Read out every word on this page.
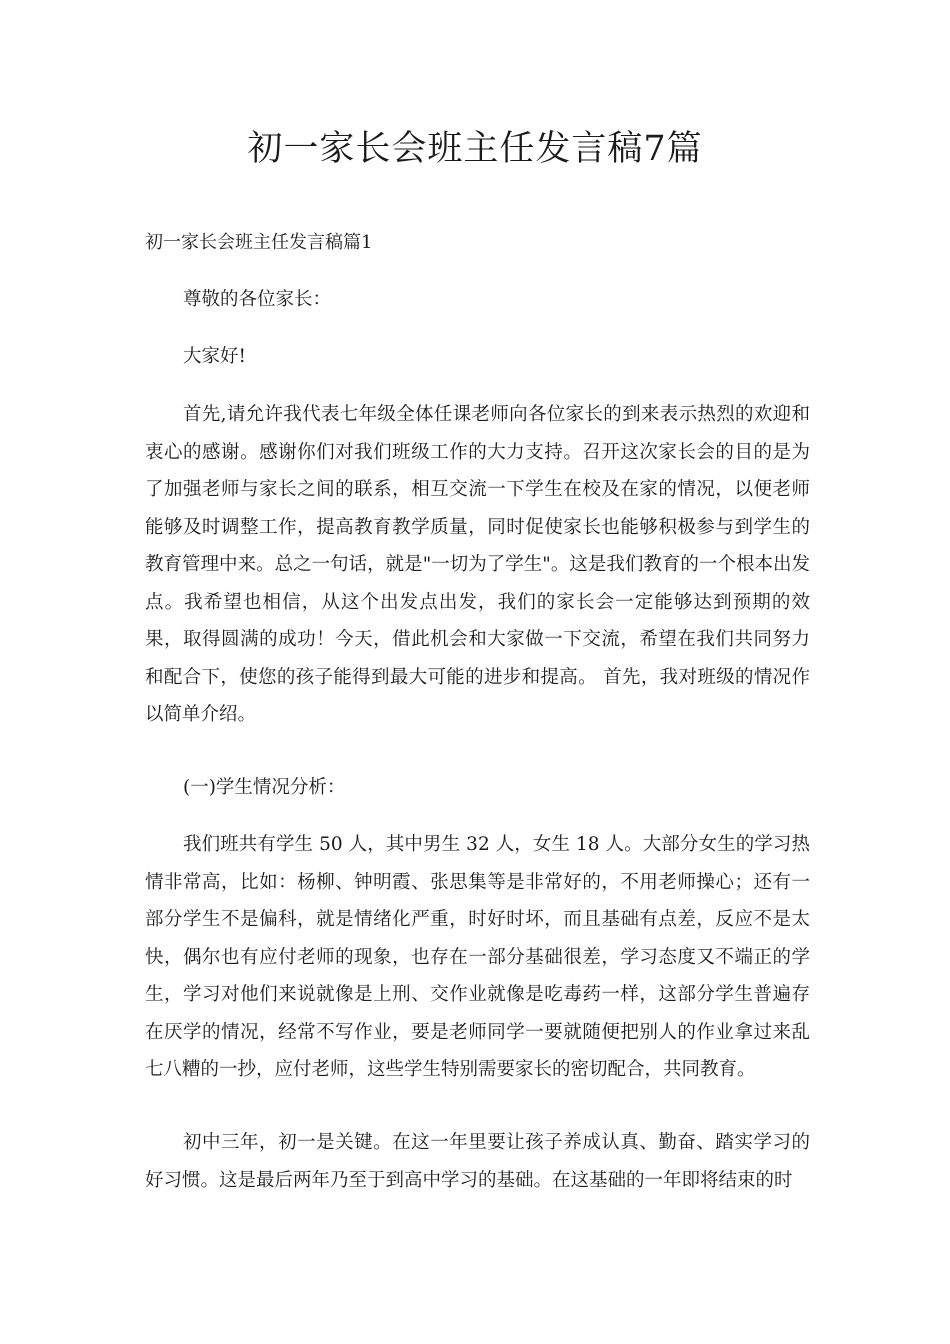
初一家长会班主任发言稿7篇
初一家长会班主任发言稿篇1

尊敬的各位家长：

大家好!

首先,请允许我代表七年级全体任课老师向各位家长的到来表示热烈的欢迎和衷心的感谢。感谢你们对我们班级工作的大力支持。召开这次家长会的目的是为了加强老师与家长之间的联系，相互交流一下学生在校及在家的情况，以便老师能够及时调整工作，提高教育教学质量，同时促使家长也能够积极参与到学生的教育管理中来。总之一句话，就是"一切为了学生"。这是我们教育的一个根本出发点。我希望也相信，从这个出发点出发，我们的家长会一定能够达到预期的效果，取得圆满的成功！今天，借此机会和大家做一下交流，希望在我们共同努力和配合下，使您的孩子能得到最大可能的进步和提高。 首先，我对班级的情况作以简单介绍。

(一)学生情况分析：

我们班共有学生 50 人，其中男生 32 人，女生 18 人。大部分女生的学习热情非常高，比如：杨柳、钟明霞、张思集等是非常好的，不用老师操心；还有一部分学生不是偏科，就是情绪化严重，时好时坏，而且基础有点差，反应不是太快，偶尔也有应付老师的现象，也存在一部分基础很差，学习态度又不端正的学生，学习对他们来说就像是上刑、交作业就像是吃毒药一样，这部分学生普遍存在厌学的情况，经常不写作业，要是老师同学一要就随便把别人的作业拿过来乱七八糟的一抄，应付老师，这些学生特别需要家长的密切配合，共同教育。

初中三年，初一是关键。在这一年里要让孩子养成认真、勤奋、踏实学习的好习惯。这是最后两年乃至于到高中学习的基础。在这基础的一年即将结束的时
